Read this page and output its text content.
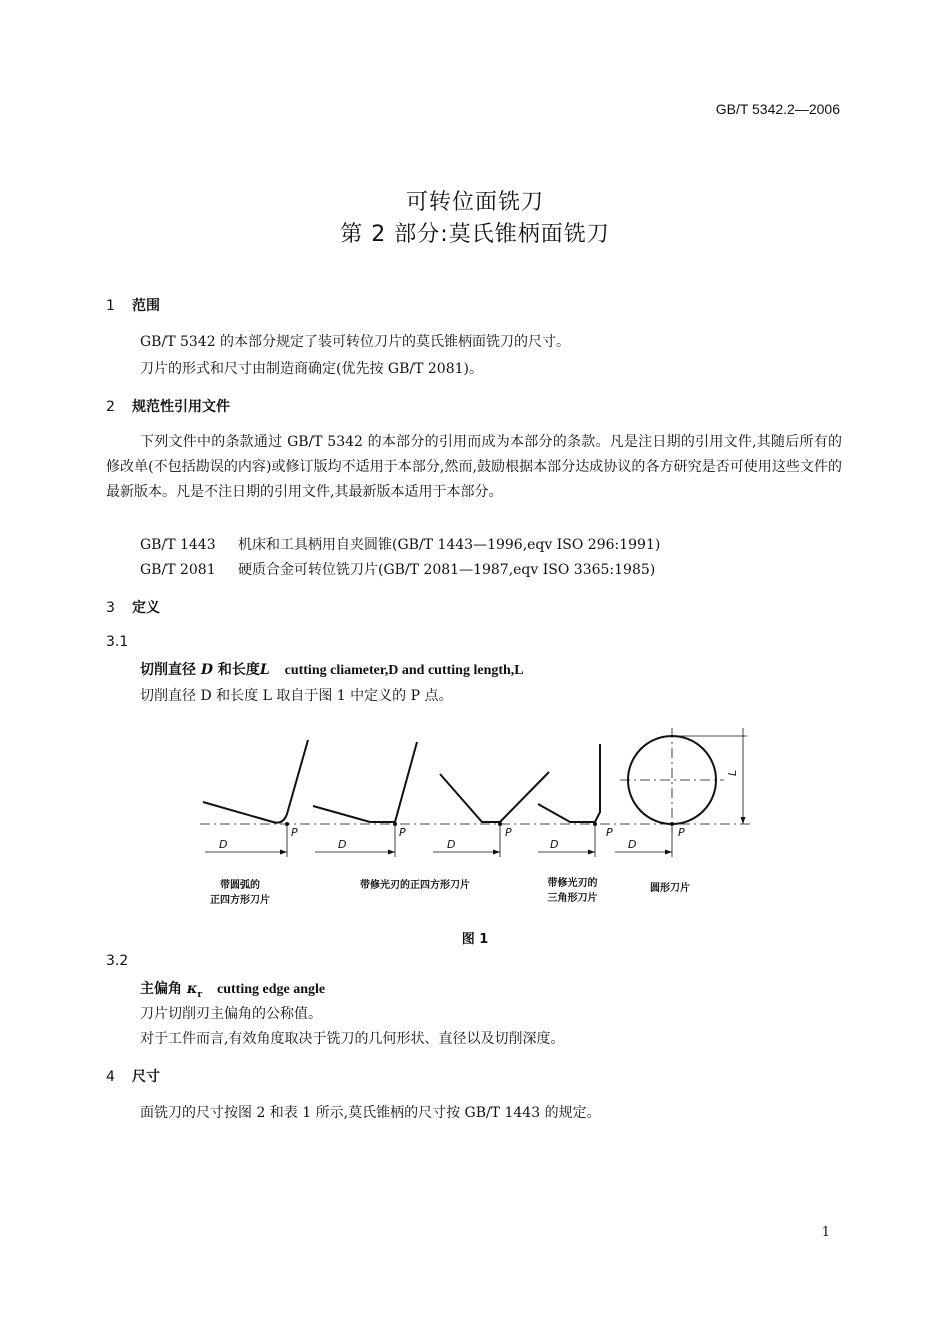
GB/T 5342.2—2006
可转位面铣刀
第 2 部分:莫氏锥柄面铣刀
1 范围
GB/T 5342 的本部分规定了装可转位刀片的莫氏锥柄面铣刀的尺寸。
刀片的形式和尺寸由制造商确定(优先按 GB/T 2081)。
2 规范性引用文件
下列文件中的条款通过 GB/T 5342 的本部分的引用而成为本部分的条款。凡是注日期的引用文件,其随后所有的修改单(不包括勘误的内容)或修订版均不适用于本部分,然而,鼓励根据本部分达成协议的各方研究是否可使用这些文件的最新版本。凡是不注日期的引用文件,其最新版本适用于本部分。
GB/T 1443 机床和工具柄用自夹圆锥(GB/T 1443—1996,eqv ISO 296:1991)
GB/T 2081 硬质合金可转位铣刀片(GB/T 2081—1987,eqv ISO 3365:1985)
3 定义
3.1
切削直径 D 和长度L cutting cliameter,D and cutting length,L
切削直径 D 和长度 L 取自于图 1 中定义的 P 点。
D	D	D	D	D
P	P	P	P	P
L
带圆弧的
正四方形刀片
带修光刃的正四方形刀片	带修光刃的
三角形刀片
圆形刀片
图 1
3.2
主偏角 $\kappa_r$ cutting edge angle
刀片切削刃主偏角的公称值。
对于工件而言,有效角度取决于铣刀的几何形状、直径以及切削深度。
4 尺寸
面铣刀的尺寸按图 2 和表 1 所示,莫氏锥柄的尺寸按 GB/T 1443 的规定。
1
